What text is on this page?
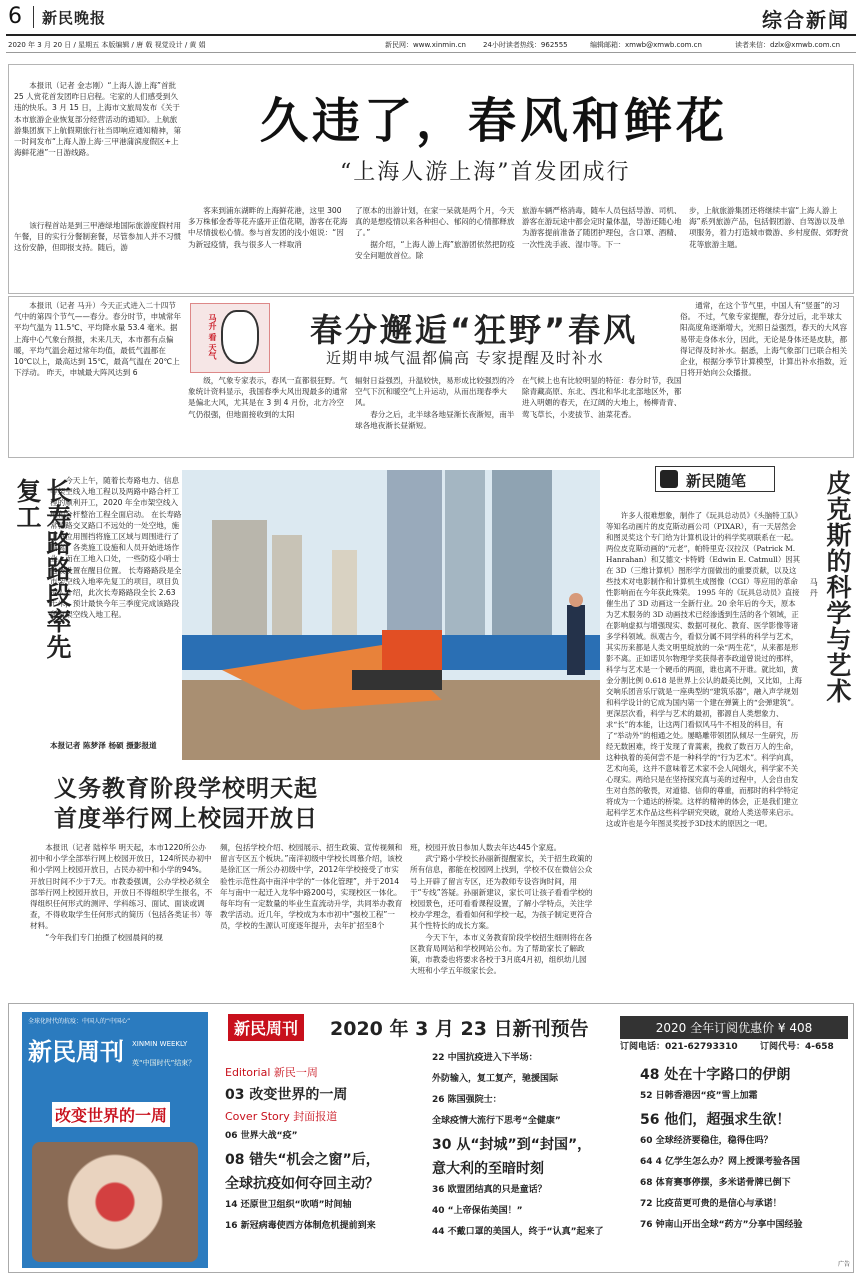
6 新民晚报	综合新闻
2020 年 3 月 20 日 / 星期五 本版编辑 / 唐 戟 视觉设计 / 黄 娟	新民网：www.xinmin.cn 24小时读者热线：962555	编辑邮箱：xmwb@xmwb.com.cn	读者来信：dzlx@xmwb.com.cn

本报讯（记者 金志刚）“上海人游上海”首批 25 人赏花首发团昨日启程。宅家的人们感受到久违的快乐。3 月 15 日，上海市文旅局发布《关于本市旅游企业恢复部分经营活动的通知》。上航旅游集团旗下上航假期旅行社当即响应通知精神，第一时间发布“上海人游上海·三甲港蒲滨度假区+上海鲜花港”一日游线路。

该行程首站是到三甲港绿地国际旅游度假村用午餐，目的实行分餐制套餐，尽管参加人并不习惯这份安静，但即报支持。随后，游

久违了，春风和鲜花
“上海人游上海”首发团成行

客来到浦东湖畔的上海鲜花港，这里 300 多万株郁金香等花卉盛开正值花期，游客在花海中尽情拔松心情。参与首发团的浅小姐说：“因为新冠疫情，我与很多人一样取消

了原本的出游计划，在家一呆就是两个月，今天真的是想疫情以来各种担心、郁闷的心情都释放了。”

据介绍，“上海人游上海”旅游团依然把防疫安全问题放首位。除

旅游车辆严格消毒，随车人员包括导游、司机、游客在游玩途中都会定时量体温，导游还随心地为游客提前准备了随团护理包，含口罩、酒精、一次性洗手液、湿巾等。下一

步，上航旅游集团还将继续丰富“上海人游上海”系列旅游产品，包括假团游、自驾游以及单项服务，着力打造城市微游、乡村度假、郊野赏花等旅游主题。

本报讯（记者 马升）今天正式进入二十四节气中的第四个节气——春分。春分时节，申城常年平均气温为 11.5℃、平均降水量 53.4 毫米。据上海中心气象台预报，未来几天，本市都有点偏暖，平均气温会超过常年均值，最低气温都在 10℃以上，最高达到 15℃，最高气温在 20℃上下浮动。 昨天，申城最大阵风达到 6

马升 看 天气	春分邂逅“狂野”春风
近期申城气温都偏高 专家提醒及时补水

级，气象专家表示，春风一直都很狂野。气象统计资料显示，我国春季大风出现最多的通常是偏北大风，尤其是在 3 到 4 月份，北方冷空气仍很强，但地面接收到的太阳

辐射日益强烈，升温较快，易形成比较强烈的冷空气下沉和暖空气上升运动，从而出现春季大风。

春分之后，北半球各地昼渐长夜渐短，南半球各地夜渐长昼渐短。

在气候上也有比较明显的特征：春分时节，我国除青藏高原、东北、西北和华北北部地区外，都进入明媚的春天，在辽阔的大地上，杨柳青青、莺飞草长，小麦拔节、油菜花香。

通常，在这个节气里，中国人有“竖蛋”的习俗。 不过，气象专家提醒，春分过后，北半球太阳高度角逐渐增大，光照日益强烈，春天的大风容易带走身体水分，因此，无论是身体还是皮肤，都得记得及时补水。据悉，上海气象部门已联合相关企业，根据分季节计算模型，计算出补水指数，近日将开始向公众播报。

长寿路路段率先复工	今天上午，随着长寿路电力、信息等架空线入地工程以及两路中路合杆工程的顺利开工，2020 年全市架空线入地和合杆整治工程全面启动。 在长寿路常德路交叉路口不远处的一处空地，施工单位用围挡将施工区域与周围进行了隔离，各类施工设施和人员开始进场作业。而在工地入口处，一些防疫小哨士也被设置在醒目位置。 长寿路路段是全市架空线入地率先复工的项目，项目负责人介绍，此次长寿路路段全长 2.63 千米，预计最快今年三季度完成该路段所有架空线入地工程。

本报记者 陈梦泽 杨硕 摄影报道
义务教育阶段学校明天起
首度举行网上校园开放日

本报讯（记者 陆梓华 明天起，本市1220所公办初中和小学全部举行网上校园开放日，124所民办初中和小学网上校园开放日，占民办初中和小学的94%。开放日时间不少于7天。市教委强调，公办学校必须全部举行网上校园开放日，开放日不得组织学生报名，不得组织任何形式的测评、学科练习、面试、面谈或调查，不得收取学生任何形式的简历（包括各类证书）等材料。

“今年我们专门拍摄了校园晨间的视

频，包括学校介绍、校园展示、招生政策、宣传视频和留言专区五个板块。”南洋初级中学校长周慕介绍，该校是徐汇区一所公办初级中学，2012年学校接受了市实验性示范性高中南洋中学的“一体化管理”，并于2014年与南中一起迁入龙华中路200号，实现校区一体化。每年均有一定数量的毕业生直流动升学，共同举办教育教学活动。近几年，学校成为本市初中“强校工程”一员，学校的生源认可度逐年提升，去年扩招至8个

班，校园开放日参加人数去年达445个家庭。

武宁路小学校长孙丽新提醒家长，关于招生政策的所有信息，都能在校园网上找到，学校不仅在微信公众号上开辟了留言专区，还为教师专设咨询时间，用于“专线”答疑。孙丽新建议，家长可让孩子看看学校的校园景色，还可看看课程设置，了解小学特点，关注学校办学理念，看看如何和学校一起，为孩子制定更符合其个性特长的成长方案。

今天下午，本市义务教育阶段学校招生细则将在各区教育局网站和学校网站公布。为了帮助家长了解政策，市教委也将要求各校于3月底4月初，组织幼儿园大班和小学五年级家长会。

新民随笔	皮克斯的科学与艺术
马 丹

许多人很难想象，制作了《玩具总动员》《头脑特工队》等知名动画片的皮克斯动画公司（PIXAR），有一天居然会和图灵奖这个专门给为计算机设计的科学奖项联系在一起。两位皮克斯动画的“元老”，帕特里克·汉拉汉（Patrick M. Hanrahan）和艾德文·卡特姆（Edwin E. Catmull）因其在 3D（三维计算机）图形学方面做出的重要贡献，以及这些技术对电影制作和计算机生成图像（CGI）等应用的革命性影响而在今年获此殊荣。 1995 年的《玩具总动员》直接催生出了 3D 动画这一全新行业。20 余年后的今天，原本为艺术服务的 3D 动画技术已经渗透到生活的各个领域，正在影响虚拟与增强现实、数据可视化、教育、医学影像等诸多学科领域。纵观古今，看似分属不同学科的科学与艺术，其实历来都是人类文明里绽放的一朵“两生花”，从来都是形影不离。正如诺贝尔物理学奖获得者李政道曾说过的那样，科学与艺术是一个硬币的两面，谁也离不开谁。就比如，黄金分割比例 0.618 是世界上公认的最美比例，又比如，上海交响乐团音乐厅就是一座典型的“建筑乐器”，融入声学规划和科学设计的它成为国内第一个建在弹簧上的“会弹建筑”。 更深层次看，科学与艺术的最初，都源自人类想象力、求“长”的本能，让这两门看似风马牛不相及的科目，有了“举动外”的相通之处。屡略雕带领团队倾尽一生研究，历经无数困难，终于发现了青蒿素，挽救了数百万人的生命，这种执着的美何尝不是一种科学的“行为艺术”。科学向真，艺术向美，这并不意味着艺术家不会人间烟火，科学家不关心现实。两给只是在坚持探究真与美的过程中，人会自由发生对自然的敬畏，对道德、信仰的尊重，而那时的科学特定将成为一个通达的桥梁。这样的精神的体会，正是我们建立起科学艺术作品这些科学研究突破，就给人类送带来启示。这或许也是今年图灵奖授予3D技术的原因之一吧。

全球化时代的抗疫：中国人的“中国心”
新民周刊 XINMIN WEEKLY
英“中国时代”结束？
改变世界的一周
新民周刊	2020 年 3 月 23 日新刊预告	2020 全年订阅优惠价 ¥ 408
订阅电话：021-62793310 订阅代号：4-658
Editorial 新民一周
03 改变世界的一周
Cover Story 封面报道
06 世界大战“疫”
08 错失“机会之窗”后，
全球抗疫如何夺回主动？
14 还原世卫组织“吹哨”时间轴
16 新冠病毒使西方体制危机提前到来
22 中国抗疫进入下半场：
外防输入，复工复产，驰援国际
26 陈国强院士：
全球疫情大流行下思考“全健康”
30 从“封城”到“封国”，
意大利的至暗时刻
36 欧盟团结真的只是童话？
40 “上帝保佑美国！”
44 不戴口罩的美国人，终于“认真”起来了
48 处在十字路口的伊朗
52 日韩香港因“疫”雪上加霜
56 他们，超强求生欲！
60 全球经济要稳住，稳得住吗？
64 4 亿学生怎么办？网上授课考验各国
68 体育赛事停摆，多米诺骨牌已倒下
72 比疫苗更可贵的是信心与承诺！
76 钟南山开出全球“药方”分享中国经验
广告
